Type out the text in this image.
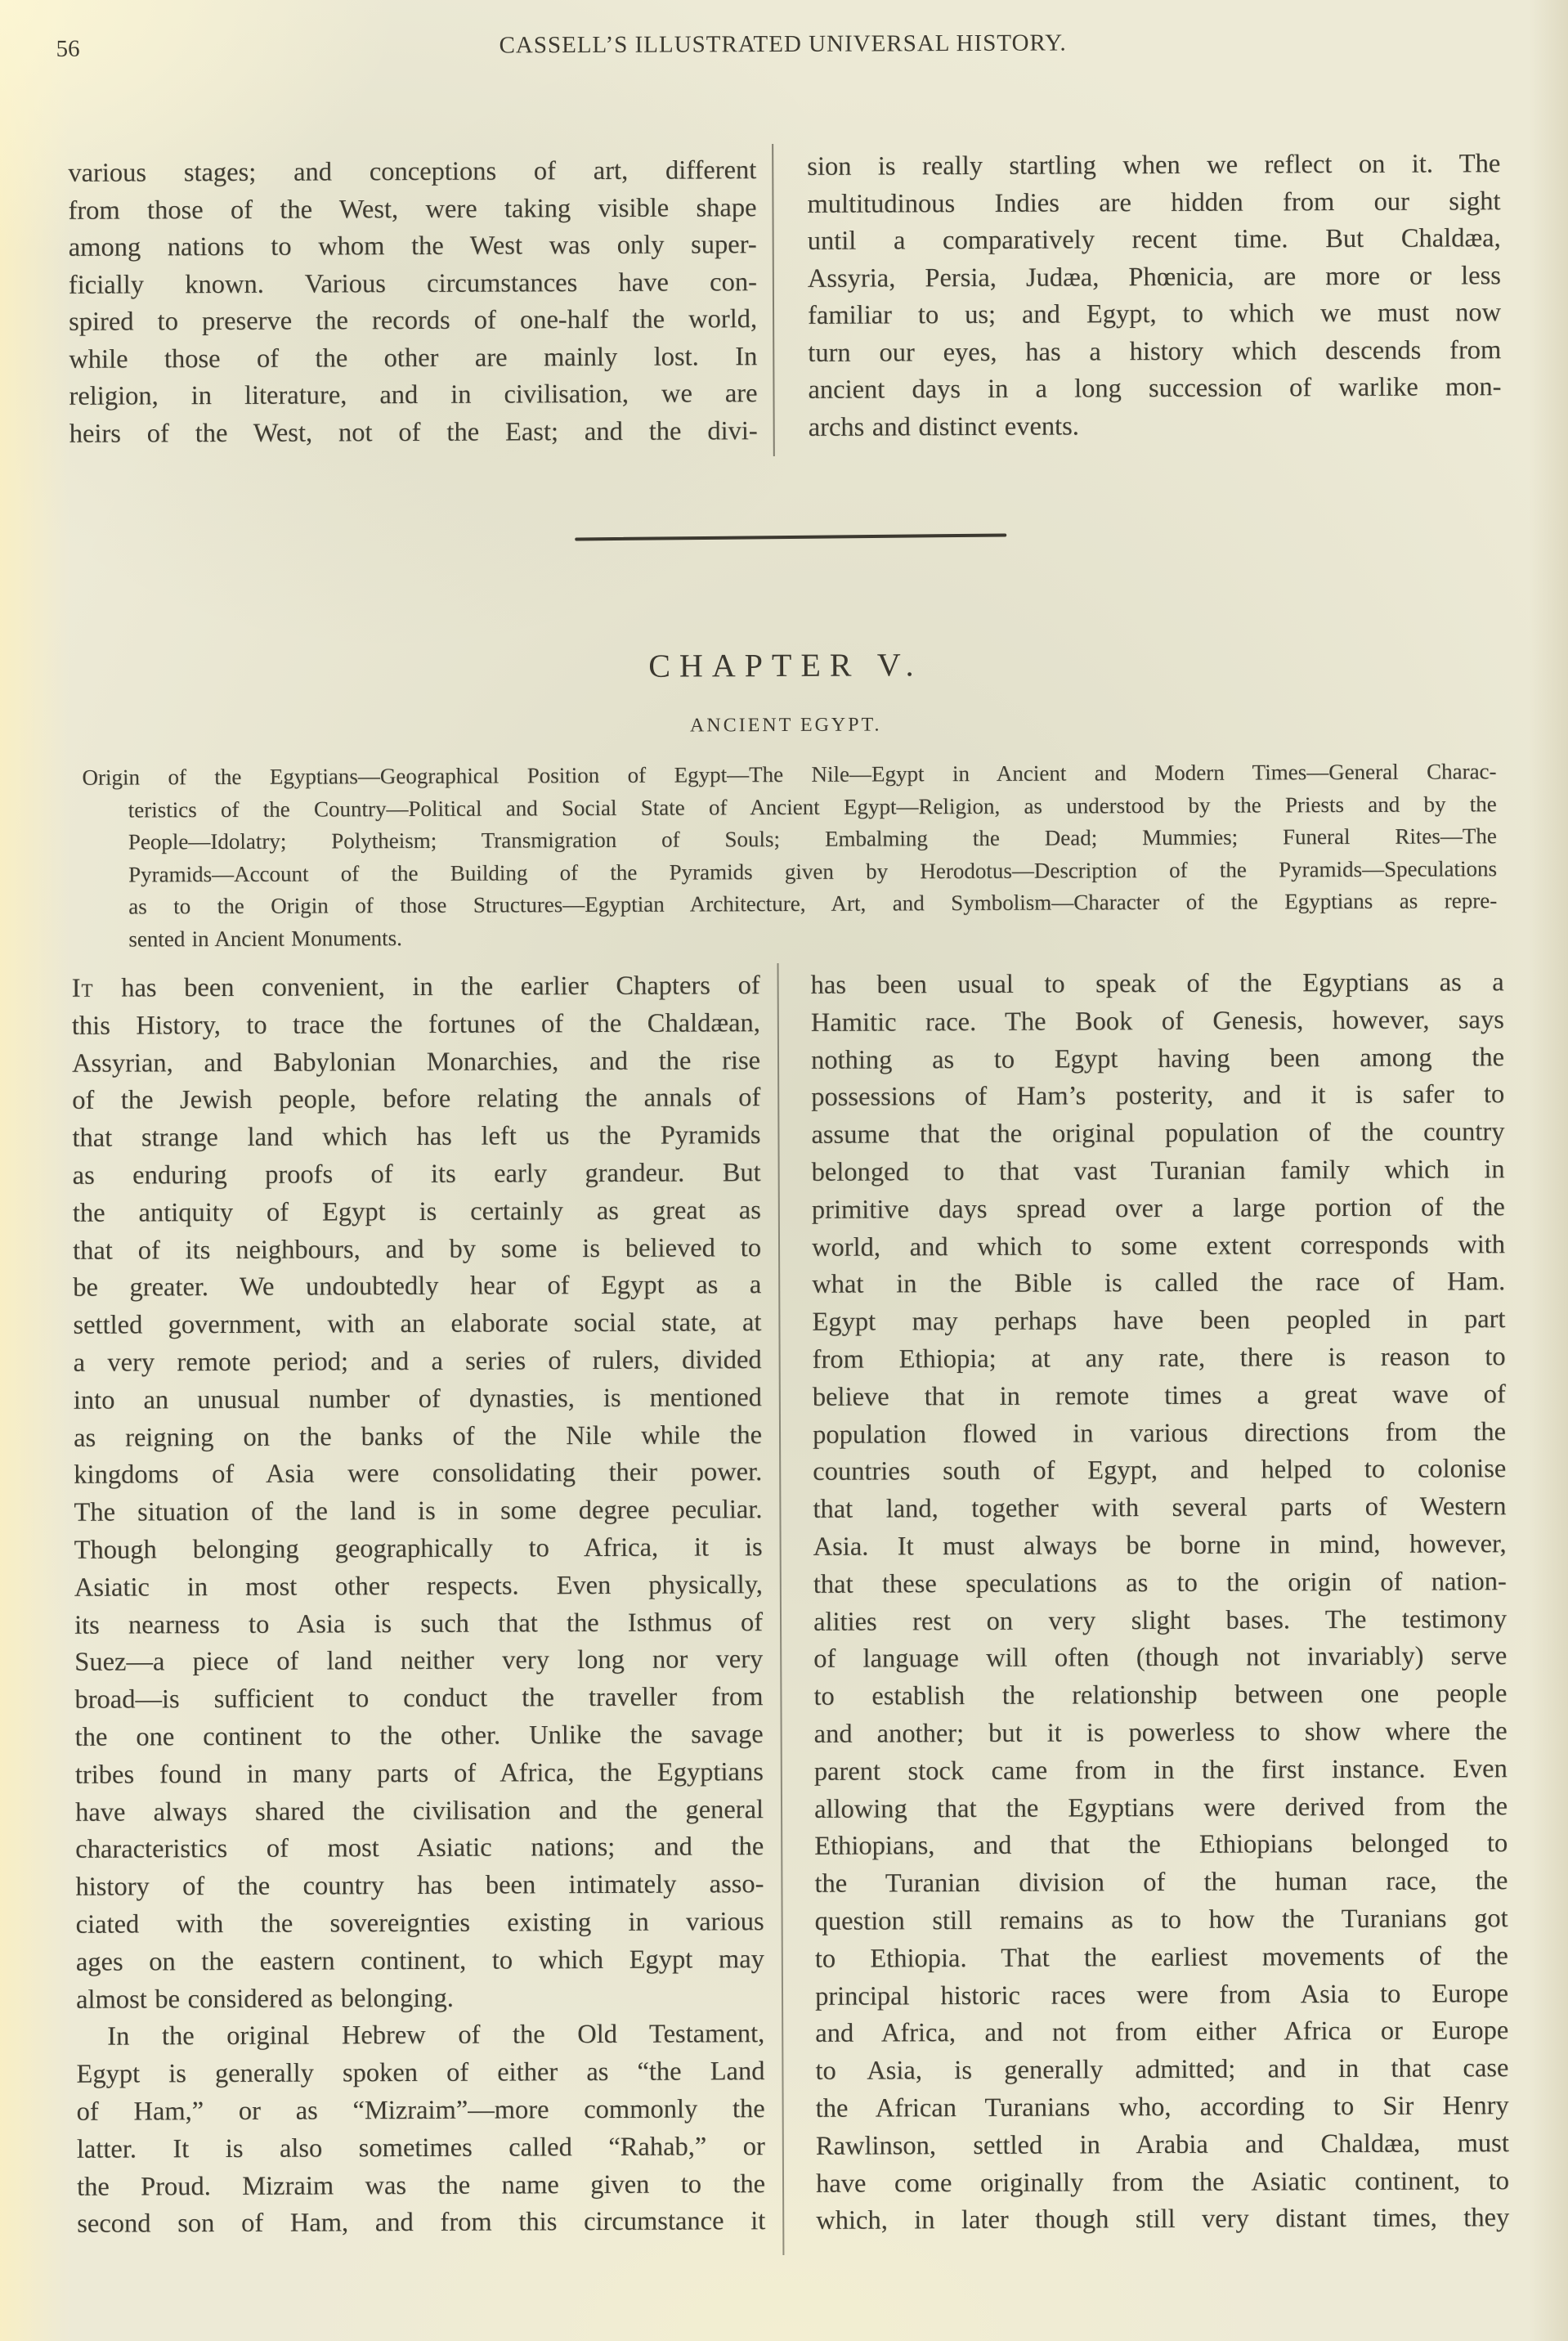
56	CASSELL’S ILLUSTRATED UNIVERSAL HISTORY.
various stages; and conceptions of art, different
from those of the West, were taking visible shape
among nations to whom the West was only super-
ficially known. Various circumstances have con-
spired to preserve the records of one-half the world,
while those of the other are mainly lost. In
religion, in literature, and in civilisation, we are
heirs of the West, not of the East; and the divi-
sion is really startling when we reflect on it. The
multitudinous Indies are hidden from our sight
until a comparatively recent time. But Chaldæa,
Assyria, Persia, Judæa, Phœnicia, are more or less
familiar to us; and Egypt, to which we must now
turn our eyes, has a history which descends from
ancient days in a long succession of warlike mon-
archs and distinct events.
CHAPTER V.
ANCIENT EGYPT.
Origin of the Egyptians—Geographical Position of Egypt—The Nile—Egypt in Ancient and Modern Times—General Charac-
teristics of the Country—Political and Social State of Ancient Egypt—Religion, as understood by the Priests and by the
People—Idolatry; Polytheism; Transmigration of Souls; Embalming the Dead; Mummies; Funeral Rites—The
Pyramids—Account of the Building of the Pyramids given by Herodotus—Description of the Pyramids—Speculations
as to the Origin of those Structures—Egyptian Architecture, Art, and Symbolism—Character of the Egyptians as repre-
sented in Ancient Monuments.
It has been convenient, in the earlier Chapters of
this History, to trace the fortunes of the Chaldæan,
Assyrian, and Babylonian Monarchies, and the rise
of the Jewish people, before relating the annals of
that strange land which has left us the Pyramids
as enduring proofs of its early grandeur. But
the antiquity of Egypt is certainly as great as
that of its neighbours, and by some is believed to
be greater. We undoubtedly hear of Egypt as a
settled government, with an elaborate social state, at
a very remote period; and a series of rulers, divided
into an unusual number of dynasties, is mentioned
as reigning on the banks of the Nile while the
kingdoms of Asia were consolidating their power.
The situation of the land is in some degree peculiar.
Though belonging geographically to Africa, it is
Asiatic in most other respects. Even physically,
its nearness to Asia is such that the Isthmus of
Suez—a piece of land neither very long nor very
broad—is sufficient to conduct the traveller from
the one continent to the other. Unlike the savage
tribes found in many parts of Africa, the Egyptians
have always shared the civilisation and the general
characteristics of most Asiatic nations; and the
history of the country has been intimately asso-
ciated with the sovereignties existing in various
ages on the eastern continent, to which Egypt may
almost be considered as belonging.
In the original Hebrew of the Old Testament,
Egypt is generally spoken of either as “the Land
of Ham,” or as “Mizraim”—more commonly the
latter. It is also sometimes called “Rahab,” or
the Proud. Mizraim was the name given to the
second son of Ham, and from this circumstance it
has been usual to speak of the Egyptians as a
Hamitic race. The Book of Genesis, however, says
nothing as to Egypt having been among the
possessions of Ham’s posterity, and it is safer to
assume that the original population of the country
belonged to that vast Turanian family which in
primitive days spread over a large portion of the
world, and which to some extent corresponds with
what in the Bible is called the race of Ham.
Egypt may perhaps have been peopled in part
from Ethiopia; at any rate, there is reason to
believe that in remote times a great wave of
population flowed in various directions from the
countries south of Egypt, and helped to colonise
that land, together with several parts of Western
Asia. It must always be borne in mind, however,
that these speculations as to the origin of nation-
alities rest on very slight bases. The testimony
of language will often (though not invariably) serve
to establish the relationship between one people
and another; but it is powerless to show where the
parent stock came from in the first instance. Even
allowing that the Egyptians were derived from the
Ethiopians, and that the Ethiopians belonged to
the Turanian division of the human race, the
question still remains as to how the Turanians got
to Ethiopia. That the earliest movements of the
principal historic races were from Asia to Europe
and Africa, and not from either Africa or Europe
to Asia, is generally admitted; and in that case
the African Turanians who, according to Sir Henry
Rawlinson, settled in Arabia and Chaldæa, must
have come originally from the Asiatic continent, to
which, in later though still very distant times, they
